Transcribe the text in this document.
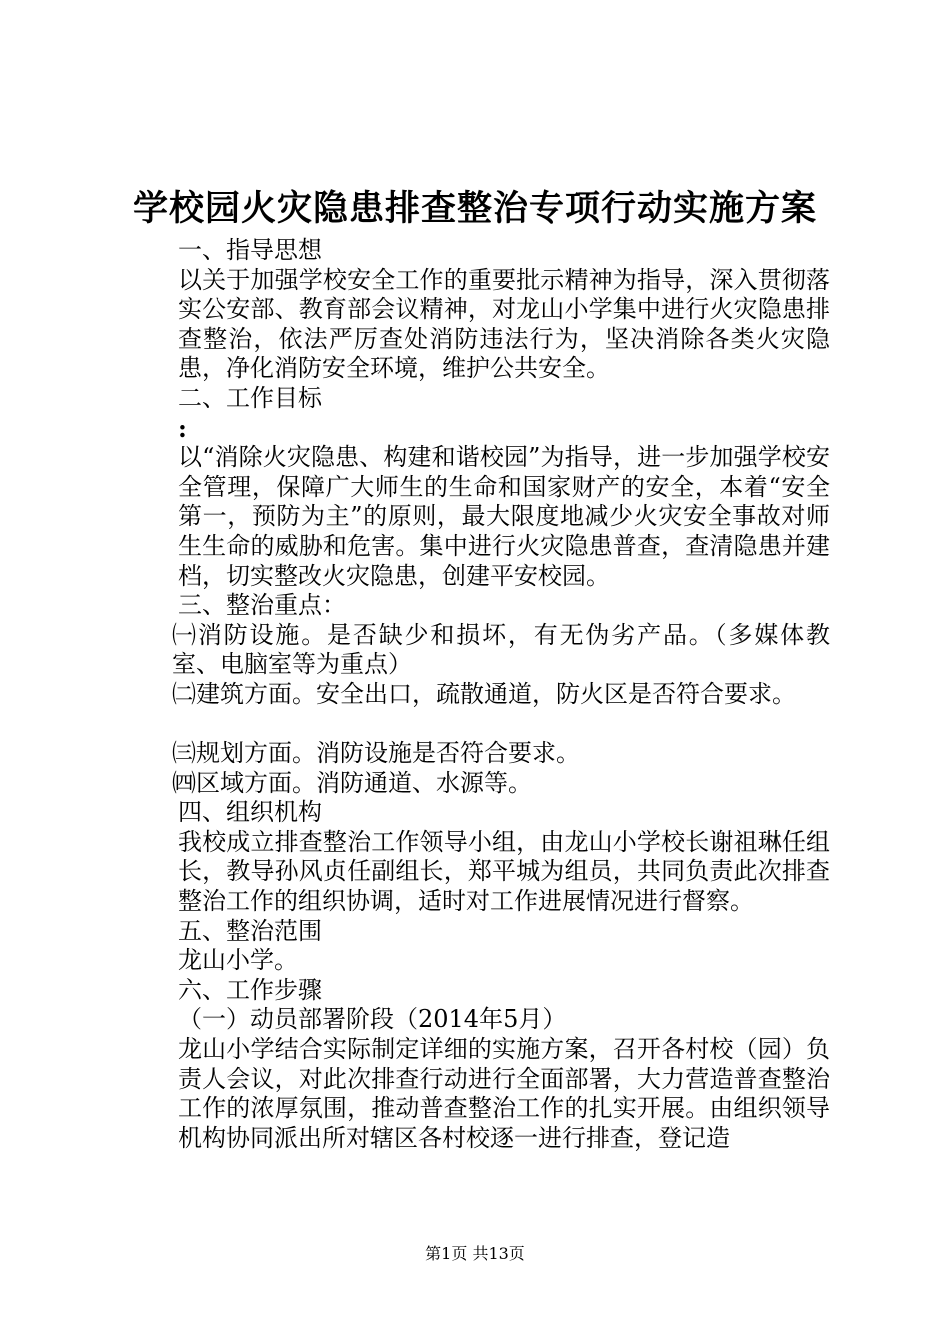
学校园火灾隐患排查整治专项行动实施方案

一、指导思想

以关于加强学校安全工作的重要批示精神为指导，深入贯彻落实公安部、教育部会议精神，对龙山小学集中进行火灾隐患排查整治，依法严厉查处消防违法行为，坚决消除各类火灾隐患，净化消防安全环境，维护公共安全。

二、工作目标

:

以“消除火灾隐患、构建和谐校园”为指导，进一步加强学校安全管理，保障广大师生的生命和国家财产的安全，本着“安全第一，预防为主”的原则，最大限度地减少火灾安全事故对师生生命的威胁和危害。集中进行火灾隐患普查，查清隐患并建档，切实整改火灾隐患，创建平安校园。

三、整治重点：

㈠消防设施。是否缺少和损坏，有无伪劣产品。（多媒体教室、电脑室等为重点）

㈡建筑方面。安全出口，疏散通道，防火区是否符合要求。

㈢规划方面。消防设施是否符合要求。

㈣区域方面。消防通道、水源等。

四、组织机构

我校成立排查整治工作领导小组，由龙山小学校长谢祖琳任组长，教导孙风贞任副组长，郑平城为组员，共同负责此次排查整治工作的组织协调，适时对工作进展情况进行督察。

五、整治范围

龙山小学。

六、工作步骤

（一）动员部署阶段（2014年5月）

龙山小学结合实际制定详细的实施方案，召开各村校（园）负责人会议，对此次排查行动进行全面部署，大力营造普查整治工作的浓厚氛围，推动普查整治工作的扎实开展。由组织领导机构协同派出所对辖区各村校逐一进行排查，登记造

第1页 共13页
